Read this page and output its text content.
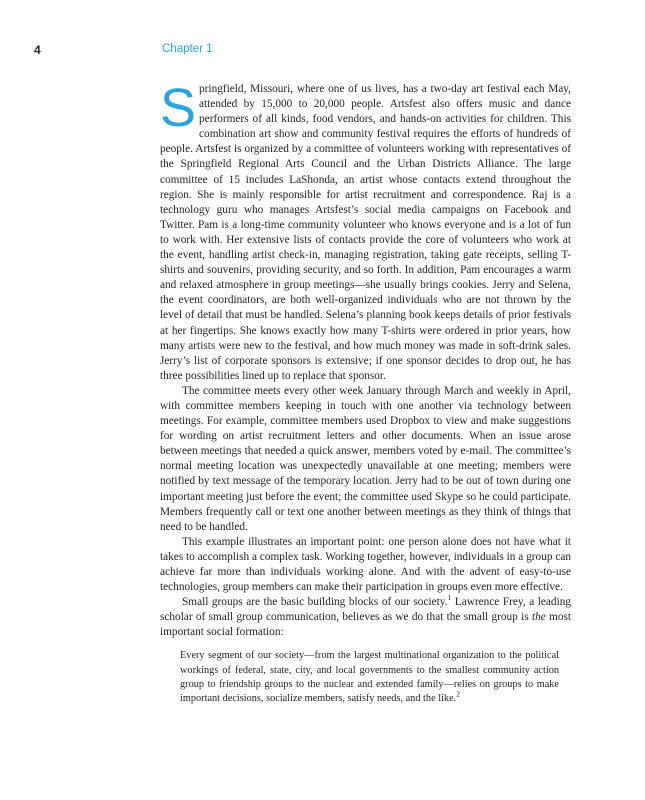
4	Chapter 1

Springfield, Missouri, where one of us lives, has a two-day art festival each May, attended by 15,000 to 20,000 people. Artsfest also offers music and dance performers of all kinds, food vendors, and hands-on activities for children. This combination art show and community festival requires the efforts of hundreds of people. Artsfest is organized by a committee of volunteers working with representatives of the Springfield Regional Arts Council and the Urban Districts Alliance. The large committee of 15 includes LaShonda, an artist whose contacts extend throughout the region. She is mainly responsible for artist recruitment and correspondence. Raj is a technology guru who manages Artsfest’s social media campaigns on Facebook and Twitter. Pam is a long-time community volunteer who knows everyone and is a lot of fun to work with. Her extensive lists of contacts provide the core of volunteers who work at the event, handling artist check-in, managing registration, taking gate receipts, selling T-shirts and souvenirs, providing security, and so forth. In addition, Pam encourages a warm and relaxed atmosphere in group meetings—she usually brings cookies. Jerry and Selena, the event coordinators, are both well-organized individuals who are not thrown by the level of detail that must be handled. Selena’s planning book keeps details of prior festivals at her fingertips. She knows exactly how many T-shirts were ordered in prior years, how many artists were new to the festival, and how much money was made in soft-drink sales. Jerry’s list of corporate sponsors is extensive; if one sponsor decides to drop out, he has three possibilities lined up to replace that sponsor.

The committee meets every other week January through March and weekly in April, with committee members keeping in touch with one another via technology between meetings. For example, committee members used Dropbox to view and make suggestions for wording on artist recruitment letters and other documents. When an issue arose between meetings that needed a quick answer, members voted by e-mail. The committee’s normal meeting location was unexpectedly unavailable at one meeting; members were notified by text message of the temporary location. Jerry had to be out of town during one important meeting just before the event; the committee used Skype so he could participate. Members frequently call or text one another between meetings as they think of things that need to be handled.

This example illustrates an important point: one person alone does not have what it takes to accomplish a complex task. Working together, however, individuals in a group can achieve far more than individuals working alone. And with the advent of easy-to-use technologies, group members can make their participation in groups even more effective.

Small groups are the basic building blocks of our society.$^1$ Lawrence Frey, a leading scholar of small group communication, believes as we do that the small group is the most important social formation:

Every segment of our society—from the largest multinational organization to the political workings of federal, state, city, and local governments to the smallest community action group to friendship groups to the nuclear and extended family—relies on groups to make important decisions, socialize members, satisfy needs, and the like.$^2$
